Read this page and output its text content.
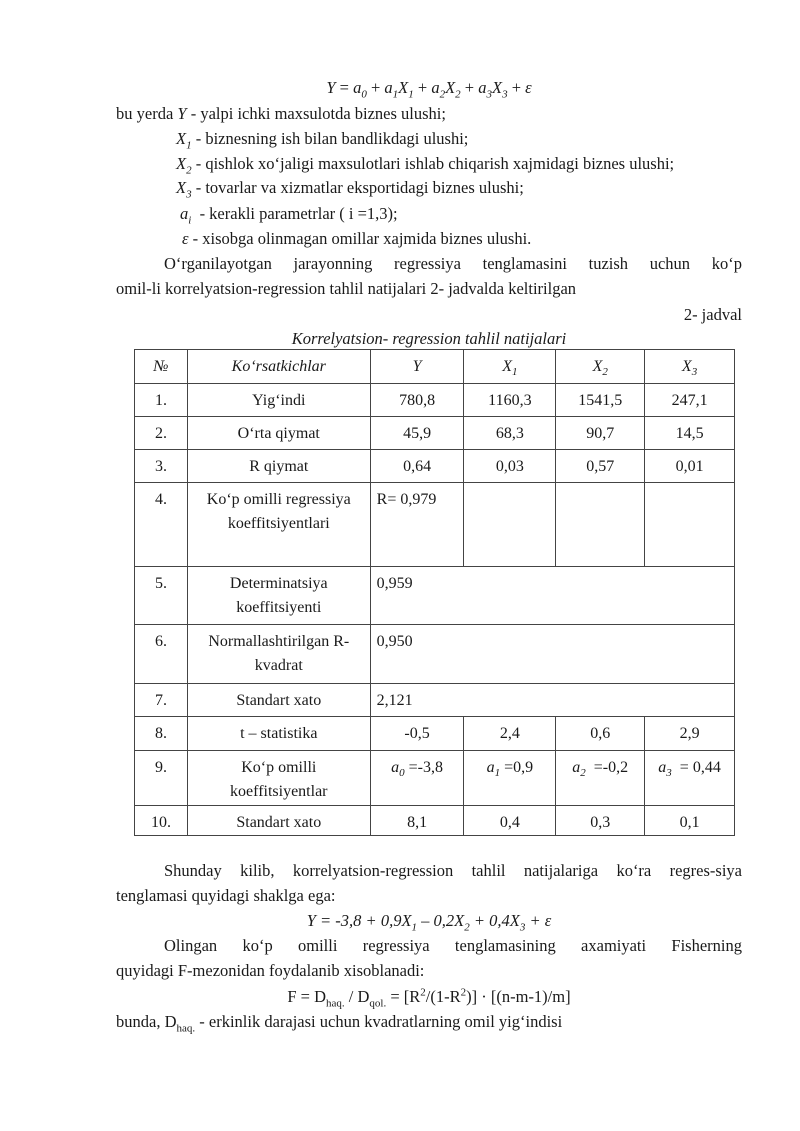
$Y = a_0 + a_1X_1 + a_2X_2 + a_3X_3 + \varepsilon$
bu yerda Y - yalpi ichki maxsulotda biznes ulushi;
$X_1$ - biznesning ish bilan bandlikdagi ulushi;
$X_2$ - qishlok xo‘jaligi maxsulotlari ishlab chiqarish xajmidagi biznes ulushi;
$X_3$ - tovarlar va xizmatlar eksportidagi biznes ulushi;
$a_i$ - kerakli parametrlar ( i =1,3);
ε - xisobga olinmagan omillar xajmida biznes ulushi.
O‘rganilayotgan jarayonning regressiya tenglamasini tuzish uchun ko‘p
omil-li korrelyatsion-regression tahlil natijalari 2- jadvalda keltirilgan
2- jadval
Korrelyatsion- regression tahlil natijalari
№	Ko‘rsatkichlar	Y	$X_1$	$X_2$	$X_3$
1.	Yig‘indi	780,8	1160,3	1541,5	247,1
2.	O‘rta qiymat	45,9	68,3	90,7	14,5
3.	R qiymat	0,64	0,03	0,57	0,01
4.	Ko‘p omilli regressiya koeffitsiyentlari	R= 0,979			
5.	Determinatsiya koeffitsiyenti	0,959			
6.	Normallashtirilgan R-kvadrat	0,950			
7.	Standart xato	2,121			
8.	t – statistika	-0,5	2,4	0,6	2,9
9.	Ko‘p omilli koeffitsiyentlar	$a_0 =-3,8$	$a_1 =0,9$	$a_2 =-0,2$	$a_3 = 0,44$
10.	Standart xato	8,1	0,4	0,3	0,1
Shunday kilib, korrelyatsion-regression tahlil natijalariga ko‘ra regres-siya
tenglamasi quyidagi shaklga ega:
$Y = -3,8 + 0,9X_1 - 0,2X_2 + 0,4X_3 + \varepsilon$
Olingan ko‘p omilli regressiya tenglamasining axamiyati Fisherning
quyidagi F-mezonidan foydalanib xisoblanadi:
$F = D_{haq.} / D_{qol.} = [R^2/(1-R^2)] \cdot [(n-m-1)/m]$
bunda, $D_{haq.}$ - erkinlik darajasi uchun kvadratlarning omil yig‘indisi
